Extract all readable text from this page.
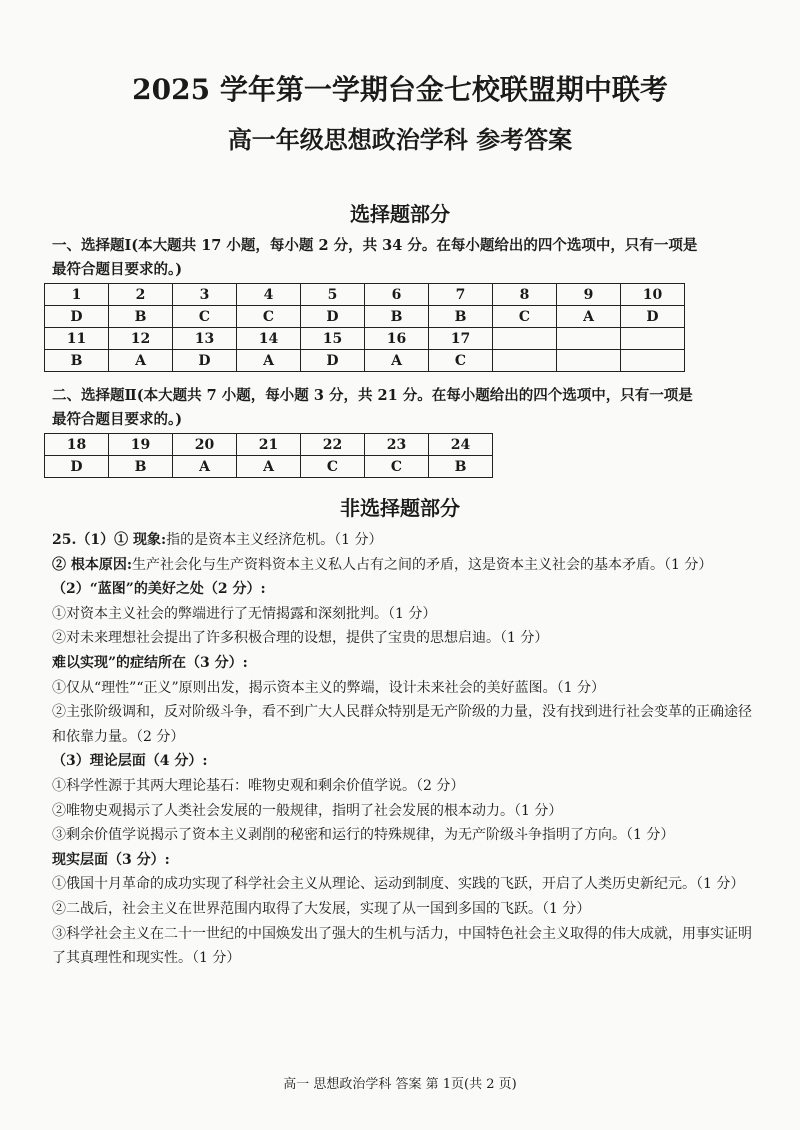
2025 学年第一学期台金七校联盟期中联考
高一年级思想政治学科 参考答案
选择题部分
一、选择题Ⅰ(本大题共 17 小题，每小题 2 分，共 34 分。在每小题给出的四个选项中，只有一项是
最符合题目要求的。)
1	2	3	4	5	6	7	8	9	10
D	B	C	C	D	B	B	C	A	D
11	12	13	14	15	16	17			
B	A	D	A	D	A	C			
二、选择题Ⅱ(本大题共 7 小题，每小题 3 分，共 21 分。在每小题给出的四个选项中，只有一项是
最符合题目要求的。)
18	19	20	21	22	23	24
D	B	A	A	C	C	B
非选择题部分
25.（1）① 现象:指的是资本主义经济危机。（1 分）
② 根本原因:生产社会化与生产资料资本主义私人占有之间的矛盾，这是资本主义社会的基本矛盾。（1 分）
（2）“蓝图”的美好之处（2 分）:
①对资本主义社会的弊端进行了无情揭露和深刻批判。（1 分）
②对未来理想社会提出了许多积极合理的设想，提供了宝贵的思想启迪。（1 分）
难以实现”的症结所在（3 分）:
①仅从“理性”“正义”原则出发，揭示资本主义的弊端，设计未来社会的美好蓝图。（1 分）
②主张阶级调和，反对阶级斗争，看不到广大人民群众特别是无产阶级的力量，没有找到进行社会变革的正确途径和依靠力量。（2 分）
（3）理论层面（4 分）:
①科学性源于其两大理论基石：唯物史观和剩余价值学说。（2 分）
②唯物史观揭示了人类社会发展的一般规律，指明了社会发展的根本动力。（1 分）
③剩余价值学说揭示了资本主义剥削的秘密和运行的特殊规律，为无产阶级斗争指明了方向。（1 分）
现实层面（3 分）:
①俄国十月革命的成功实现了科学社会主义从理论、运动到制度、实践的飞跃，开启了人类历史新纪元。（1 分）
②二战后，社会主义在世界范围内取得了大发展，实现了从一国到多国的飞跃。（1 分）
③科学社会主义在二十一世纪的中国焕发出了强大的生机与活力，中国特色社会主义取得的伟大成就，用事实证明了其真理性和现实性。（1 分）
高一 思想政治学科 答案 第 1页(共 2 页)
